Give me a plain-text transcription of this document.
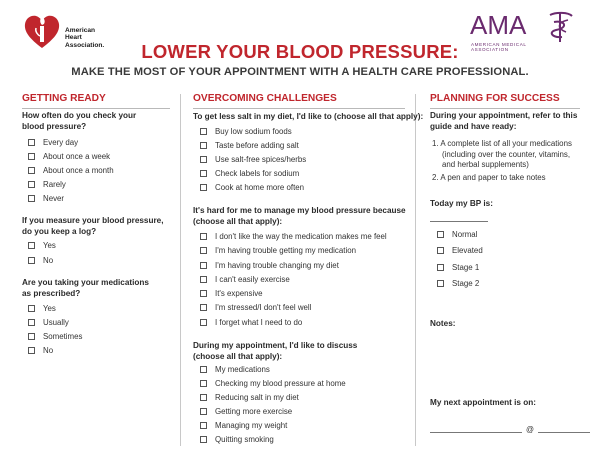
American
Heart
Association.
AMA
AMERICAN MEDICAL
ASSOCIATION
LOWER YOUR BLOOD PRESSURE:
MAKE THE MOST OF YOUR APPOINTMENT WITH A HEALTH CARE PROFESSIONAL.
GETTING READY
How often do you check your
blood pressure?
Every day
About once a week
About once a month
Rarely
Never
If you measure your blood pressure,
do you keep a log?
Yes
No
Are you taking your medications
as prescribed?
Yes
Usually
Sometimes
No
OVERCOMING CHALLENGES
To get less salt in my diet, I'd like to (choose all that apply):
Buy low sodium foods
Taste before adding salt
Use salt-free spices/herbs
Check labels for sodium
Cook at home more often
It's hard for me to manage my blood pressure because
(choose all that apply):
I don't like the way the medication makes me feel
I'm having trouble getting my medication
I'm having trouble changing my diet
I can't easily exercise
It's expensive
I'm stressed/I don't feel well
I forget what I need to do
During my appointment, I'd like to discuss
(choose all that apply):
My medications
Checking my blood pressure at home
Reducing salt in my diet
Getting more exercise
Managing my weight
Quitting smoking
PLANNING FOR SUCCESS
During your appointment, refer to this
guide and have ready:
1. A complete list of all your medications
(including over the counter, vitamins,
and herbal supplements)
2. A pen and paper to take notes
Today my BP is:
Normal
Elevated
Stage 1
Stage 2
Notes:
My next appointment is on:
@
